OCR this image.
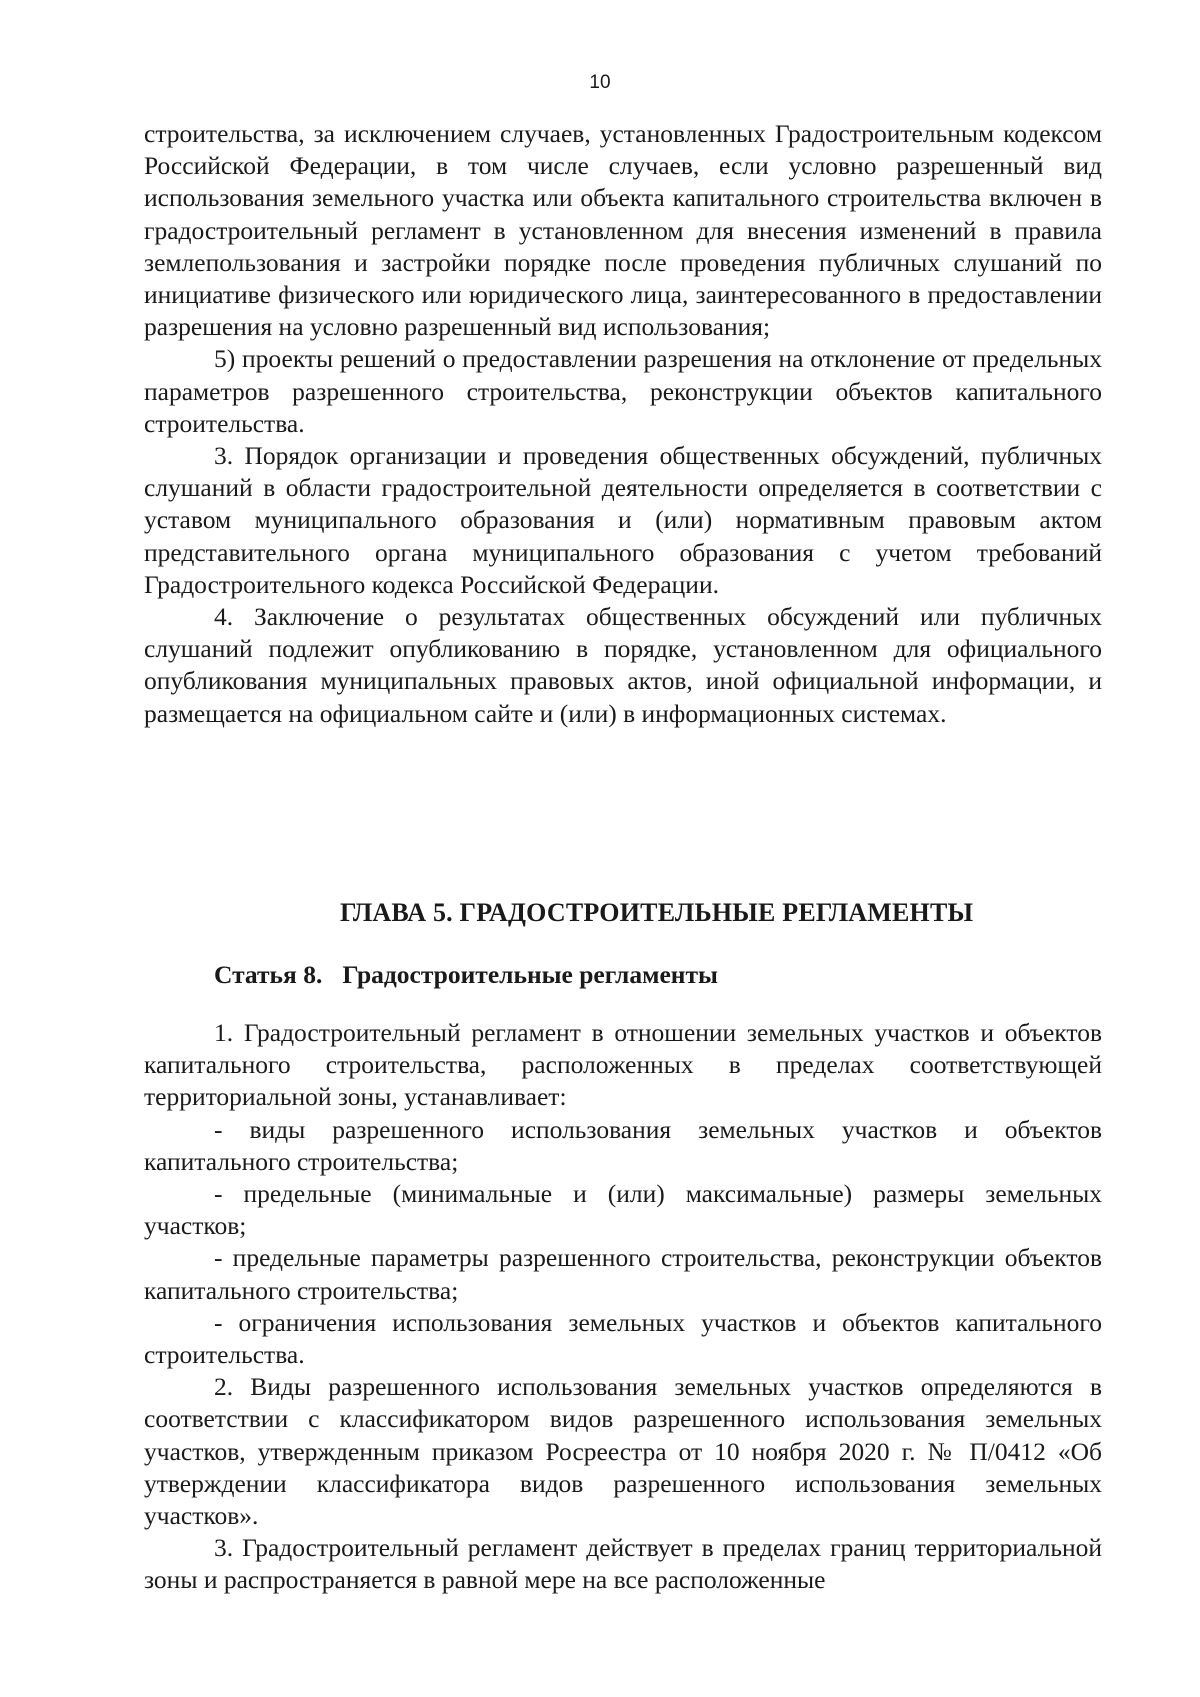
10

строительства, за исключением случаев, установленных Градостроительным кодексом Российской Федерации, в том числе случаев, если условно разрешенный вид использования земельного участка или объекта капитального строительства включен в градостроительный регламент в установленном для внесения изменений в правила землепользования и застройки порядке после проведения публичных слушаний по инициативе физического или юридического лица, заинтересованного в предоставлении разрешения на условно разрешенный вид использования;

5) проекты решений о предоставлении разрешения на отклонение от предельных параметров разрешенного строительства, реконструкции объектов капитального строительства.

3. Порядок организации и проведения общественных обсуждений, публичных слушаний в области градостроительной деятельности определяется в соответствии с уставом муниципального образования и (или) нормативным правовым актом представительного органа муниципального образования с учетом требований Градостроительного кодекса Российской Федерации.

4. Заключение о результатах общественных обсуждений или публичных слушаний подлежит опубликованию в порядке, установленном для официального опубликования муниципальных правовых актов, иной официальной информации, и размещается на официальном сайте и (или) в информационных системах.

ГЛАВА 5. ГРАДОСТРОИТЕЛЬНЫЕ РЕГЛАМЕНТЫ
Статья 8. Градостроительные регламенты

1. Градостроительный регламент в отношении земельных участков и объектов капитального строительства, расположенных в пределах соответствующей территориальной зоны, устанавливает:

- виды разрешенного использования земельных участков и объектов капитального строительства;

- предельные (минимальные и (или) максимальные) размеры земельных участков;

- предельные параметры разрешенного строительства, реконструкции объектов капитального строительства;

- ограничения использования земельных участков и объектов капитального строительства.

2. Виды разрешенного использования земельных участков определяются в соответствии с классификатором видов разрешенного использования земельных участков, утвержденным приказом Росреестра от 10 ноября 2020 г. № П/0412 «Об утверждении классификатора видов разрешенного использования земельных участков».

3. Градостроительный регламент действует в пределах границ территориальной зоны и распространяется в равной мере на все расположенные
